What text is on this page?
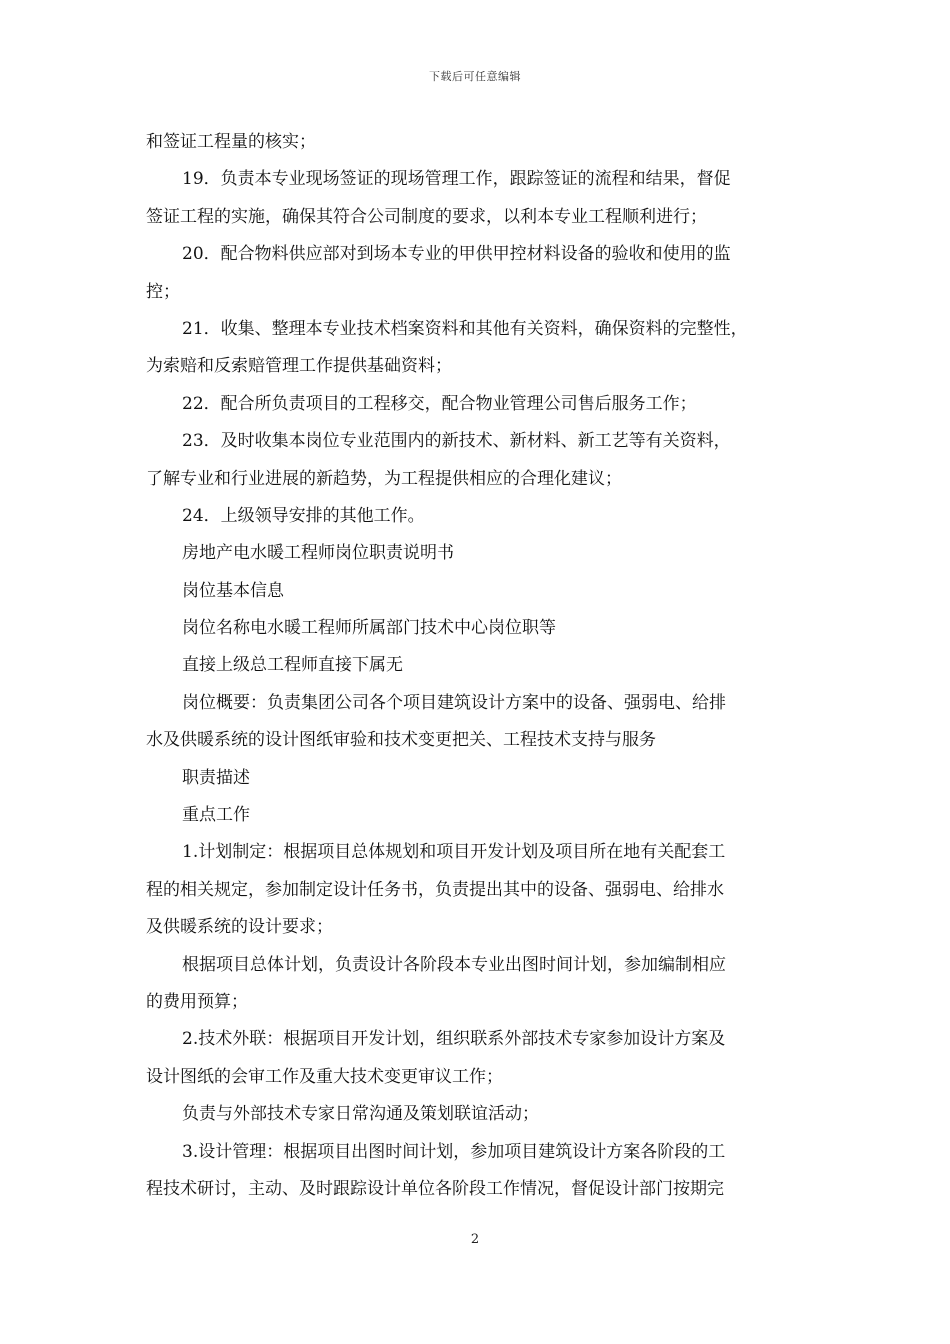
下载后可任意编辑
和签证工程量的核实；
19．负责本专业现场签证的现场管理工作，跟踪签证的流程和结果，督促
签证工程的实施，确保其符合公司制度的要求，以利本专业工程顺利进行；
20．配合物料供应部对到场本专业的甲供甲控材料设备的验收和使用的监
控；
21．收集、整理本专业技术档案资料和其他有关资料，确保资料的完整性，
为索赔和反索赔管理工作提供基础资料；
22．配合所负责项目的工程移交，配合物业管理公司售后服务工作；
23．及时收集本岗位专业范围内的新技术、新材料、新工艺等有关资料，
了解专业和行业进展的新趋势，为工程提供相应的合理化建议；
24．上级领导安排的其他工作。
房地产电水暖工程师岗位职责说明书
岗位基本信息
岗位名称电水暖工程师所属部门技术中心岗位职等
直接上级总工程师直接下属无
岗位概要：负责集团公司各个项目建筑设计方案中的设备、强弱电、给排
水及供暖系统的设计图纸审验和技术变更把关、工程技术支持与服务
职责描述
重点工作
1.计划制定：根据项目总体规划和项目开发计划及项目所在地有关配套工
程的相关规定，参加制定设计任务书，负责提出其中的设备、强弱电、给排水
及供暖系统的设计要求；
根据项目总体计划，负责设计各阶段本专业出图时间计划，参加编制相应
的费用预算；
2.技术外联：根据项目开发计划，组织联系外部技术专家参加设计方案及
设计图纸的会审工作及重大技术变更审议工作；
负责与外部技术专家日常沟通及策划联谊活动；
3.设计管理：根据项目出图时间计划，参加项目建筑设计方案各阶段的工
程技术研讨，主动、及时跟踪设计单位各阶段工作情况，督促设计部门按期完
2
